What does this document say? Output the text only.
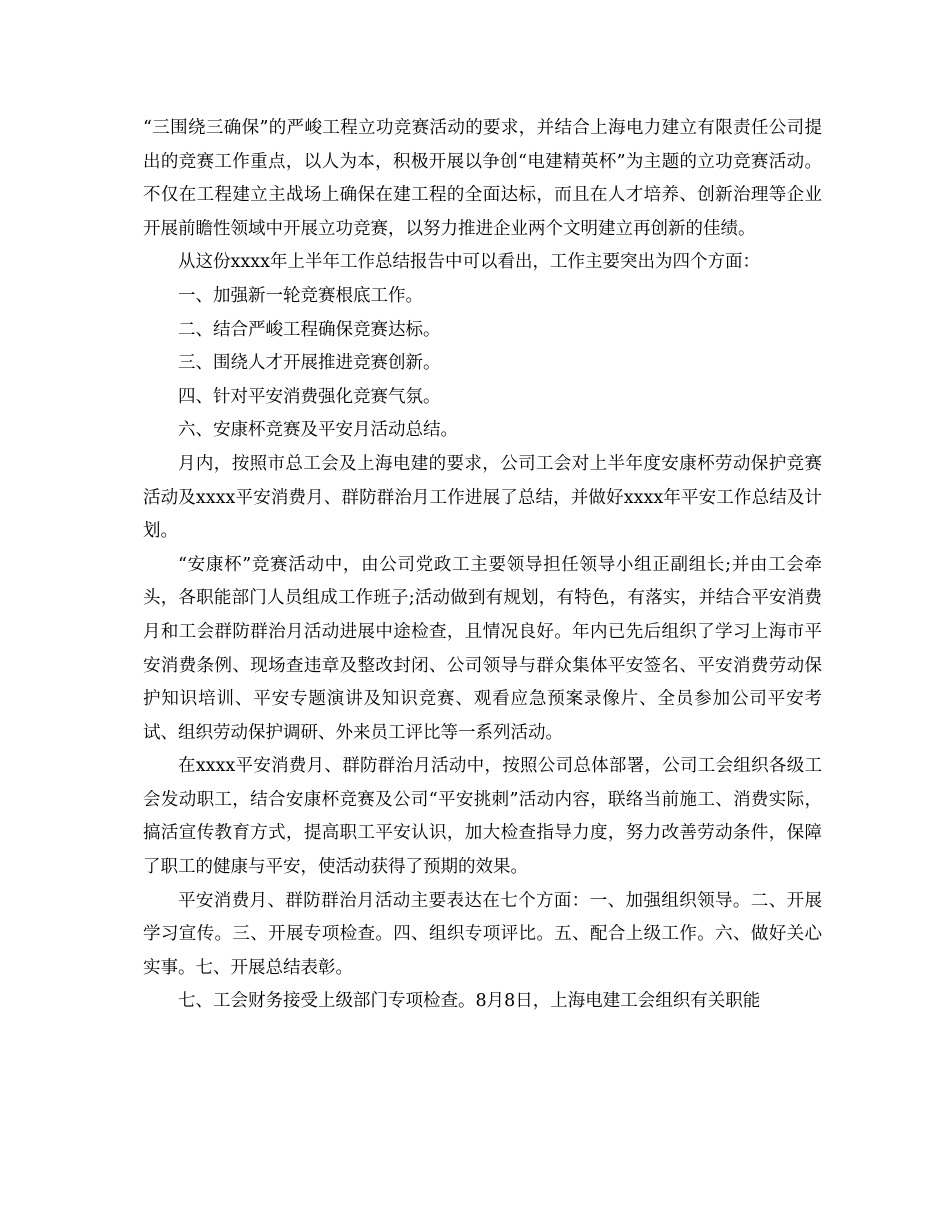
“三围绕三确保”的严峻工程立功竞赛活动的要求，并结合上海电力建立有限责任公司提出的竞赛工作重点，以人为本，积极开展以争创“电建精英杯”为主题的立功竞赛活动。不仅在工程建立主战场上确保在建工程的全面达标，而且在人才培养、创新治理等企业开展前瞻性领域中开展立功竞赛，以努力推进企业两个文明建立再创新的佳绩。

从这份xxxx年上半年工作总结报告中可以看出，工作主要突出为四个方面：

一、加强新一轮竞赛根底工作。

二、结合严峻工程确保竞赛达标。

三、围绕人才开展推进竞赛创新。

四、针对平安消费强化竞赛气氛。

六、安康杯竞赛及平安月活动总结。

月内，按照市总工会及上海电建的要求，公司工会对上半年度安康杯劳动保护竞赛活动及xxxx平安消费月、群防群治月工作进展了总结，并做好xxxx年平安工作总结及计划。

“安康杯”竞赛活动中，由公司党政工主要领导担任领导小组正副组长;并由工会牵头，各职能部门人员组成工作班子;活动做到有规划，有特色，有落实，并结合平安消费月和工会群防群治月活动进展中途检查，且情况良好。年内已先后组织了学习上海市平安消费条例、现场查违章及整改封闭、公司领导与群众集体平安签名、平安消费劳动保护知识培训、平安专题演讲及知识竞赛、观看应急预案录像片、全员参加公司平安考试、组织劳动保护调研、外来员工评比等一系列活动。

在xxxx平安消费月、群防群治月活动中，按照公司总体部署，公司工会组织各级工会发动职工，结合安康杯竞赛及公司“平安挑刺”活动内容，联络当前施工、消费实际，搞活宣传教育方式，提高职工平安认识，加大检查指导力度，努力改善劳动条件，保障了职工的健康与平安，使活动获得了预期的效果。

平安消费月、群防群治月活动主要表达在七个方面：一、加强组织领导。二、开展学习宣传。三、开展专项检查。四、组织专项评比。五、配合上级工作。六、做好关心实事。七、开展总结表彰。

七、工会财务接受上级部门专项检查。8月8日，上海电建工会组织有关职能
